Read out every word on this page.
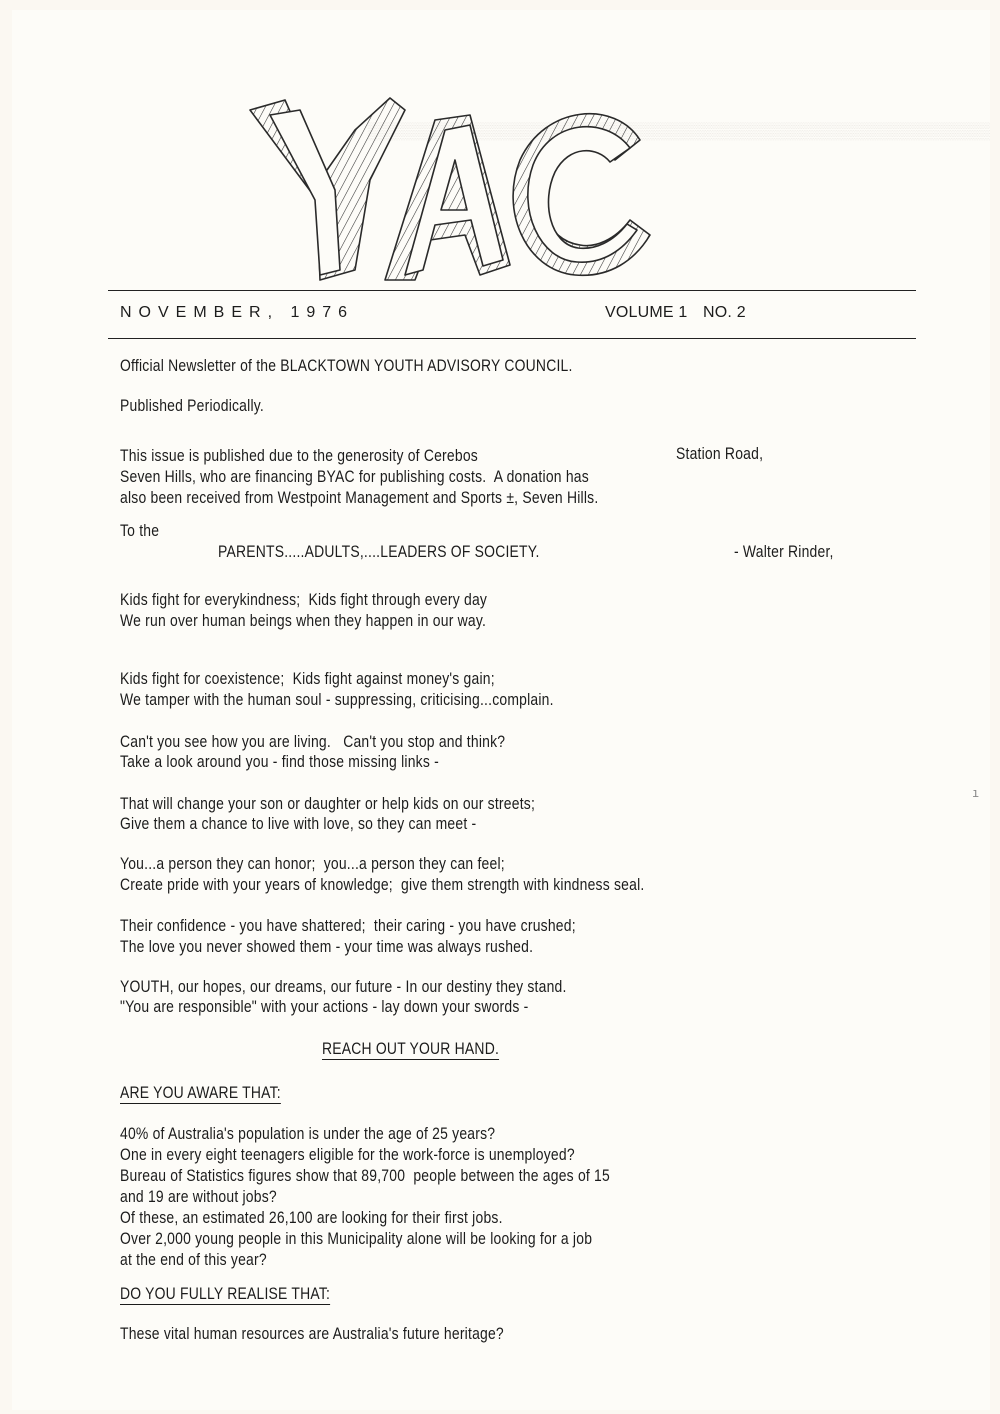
YAC
NOVEMBER, 1976	VOLUME 1 NO. 2
Official Newsletter of the BLACKTOWN YOUTH ADVISORY COUNCIL.
Published Periodically.
This issue is published due to the generosity of Cerebos	Station Road,
Seven Hills, who are financing BYAC for publishing costs.  A donation has
also been received from Westpoint Management and Sports ±, Seven Hills.
To the
PARENTS.....ADULTS,....LEADERS OF SOCIETY.	- Walter Rinder,
Kids fight for everykindness;  Kids fight through every day
We run over human beings when they happen in our way.
Kids fight for coexistence;  Kids fight against money's gain;
We tamper with the human soul - suppressing, criticising...complain.
Can't you see how you are living.   Can't you stop and think?
Take a look around you - find those missing links -
That will change your son or daughter or help kids on our streets;
Give them a chance to live with love, so they can meet -
You...a person they can honor;  you...a person they can feel;
Create pride with your years of knowledge;  give them strength with kindness seal.
Their confidence - you have shattered;  their caring - you have crushed;
The love you never showed them - your time was always rushed.
YOUTH, our hopes, our dreams, our future - In our destiny they stand.
"You are responsible" with your actions - lay down your swords -
REACH OUT YOUR HAND.
ARE YOU AWARE THAT:
40% of Australia's population is under the age of 25 years?
One in every eight teenagers eligible for the work-force is unemployed?
Bureau of Statistics figures show that 89,700  people between the ages of 15
and 19 are without jobs?
Of these, an estimated 26,100 are looking for their first jobs.
Over 2,000 young people in this Municipality alone will be looking for a job
at the end of this year?
DO YOU FULLY REALISE THAT:
These vital human resources are Australia's future heritage?
ı
